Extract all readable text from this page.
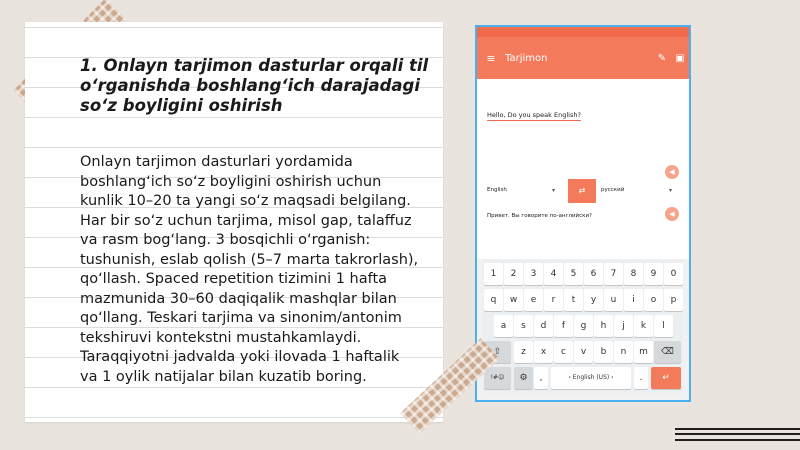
1. Onlayn tarjimon dasturlar orqali til o‘rganishda boshlang‘ich darajadagi so‘z boyligini oshirish

Onlayn tarjimon dasturlari yordamida boshlang‘ich so‘z boyligini oshirish uchun kunlik 10–20 ta yangi so‘z maqsadi belgilang. Har bir so‘z uchun tarjima, misol gap, talaffuz va rasm bog‘lang. 3 bosqichli o‘rganish: tushunish, eslab qolish (5–7 marta takrorlash), qo‘llash. Spaced repetition tizimini 1 hafta mazmunida 30–60 daqiqalik mashqlar bilan qo‘llang. Teskari tarjima va sinonim/antonim tekshiruvi kontekstni mustahkamlaydi. Taraqqiyotni jadvalda yoki ilovada 1 haftalik va 1 oylik natijalar bilan kuzatib boring.

≡ Tarjimon	✎ ▣
Hello, Do you speak English?
◀
English	▾	⇄	русский	▾
Привет. Вы говорите по-английски?	◀
1	2	3	4	5	6	7	8	9	0
q	w	e	r	t	y	u	i	o	p
a	s	d	f	g	h	j	k	l
⇧	z	x	c	v	b	n	m	⌫
!#☺	⚙	,	‹ English (US) ›	.	↵
